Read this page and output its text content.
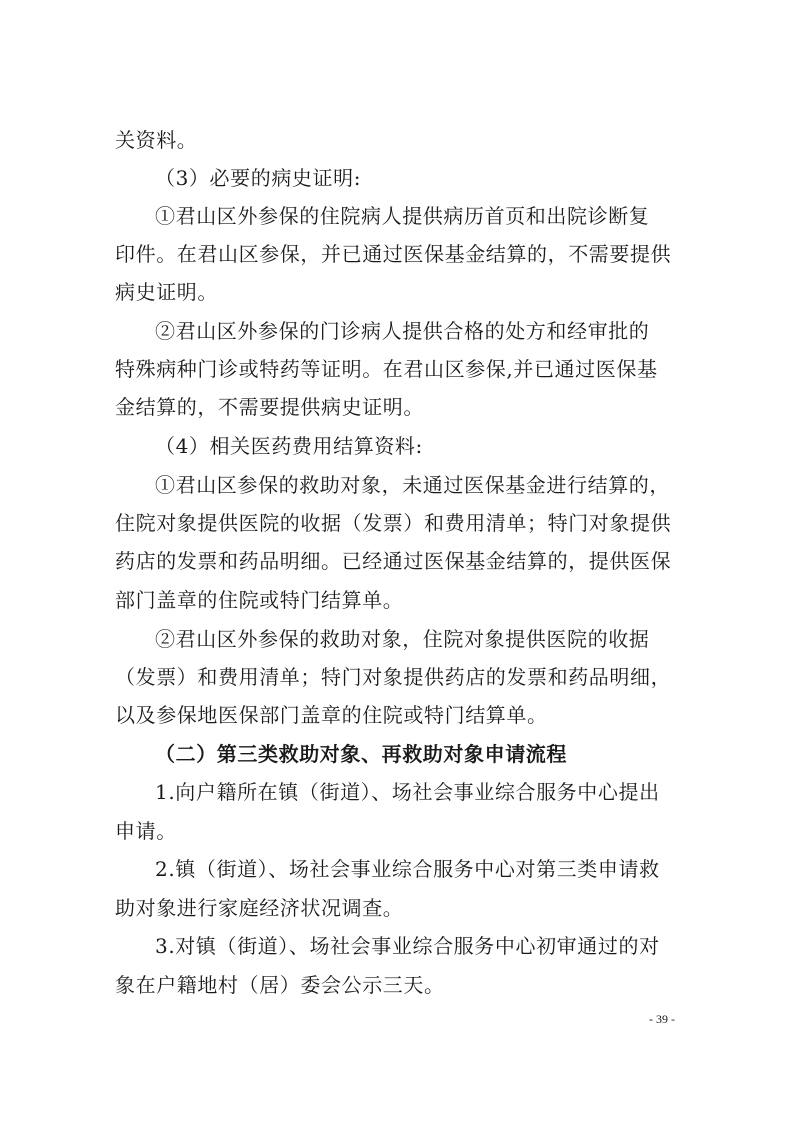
关资料。
（3）必要的病史证明:
①君山区外参保的住院病人提供病历首页和出院诊断复
印件。在君山区参保，并已通过医保基金结算的，不需要提供
病史证明。
②君山区外参保的门诊病人提供合格的处方和经审批的
特殊病种门诊或特药等证明。在君山区参保,并已通过医保基
金结算的，不需要提供病史证明。
（4）相关医药费用结算资料:
①君山区参保的救助对象，未通过医保基金进行结算的，
住院对象提供医院的收据（发票）和费用清单；特门对象提供
药店的发票和药品明细。已经通过医保基金结算的，提供医保
部门盖章的住院或特门结算单。
②君山区外参保的救助对象，住院对象提供医院的收据
（发票）和费用清单；特门对象提供药店的发票和药品明细，
以及参保地医保部门盖章的住院或特门结算单。
（二）第三类救助对象、再救助对象申请流程
1.向户籍所在镇（街道）、场社会事业综合服务中心提出
申请。
2.镇（街道）、场社会事业综合服务中心对第三类申请救
助对象进行家庭经济状况调查。
3.对镇（街道）、场社会事业综合服务中心初审通过的对
象在户籍地村（居）委会公示三天。
- 39 -
